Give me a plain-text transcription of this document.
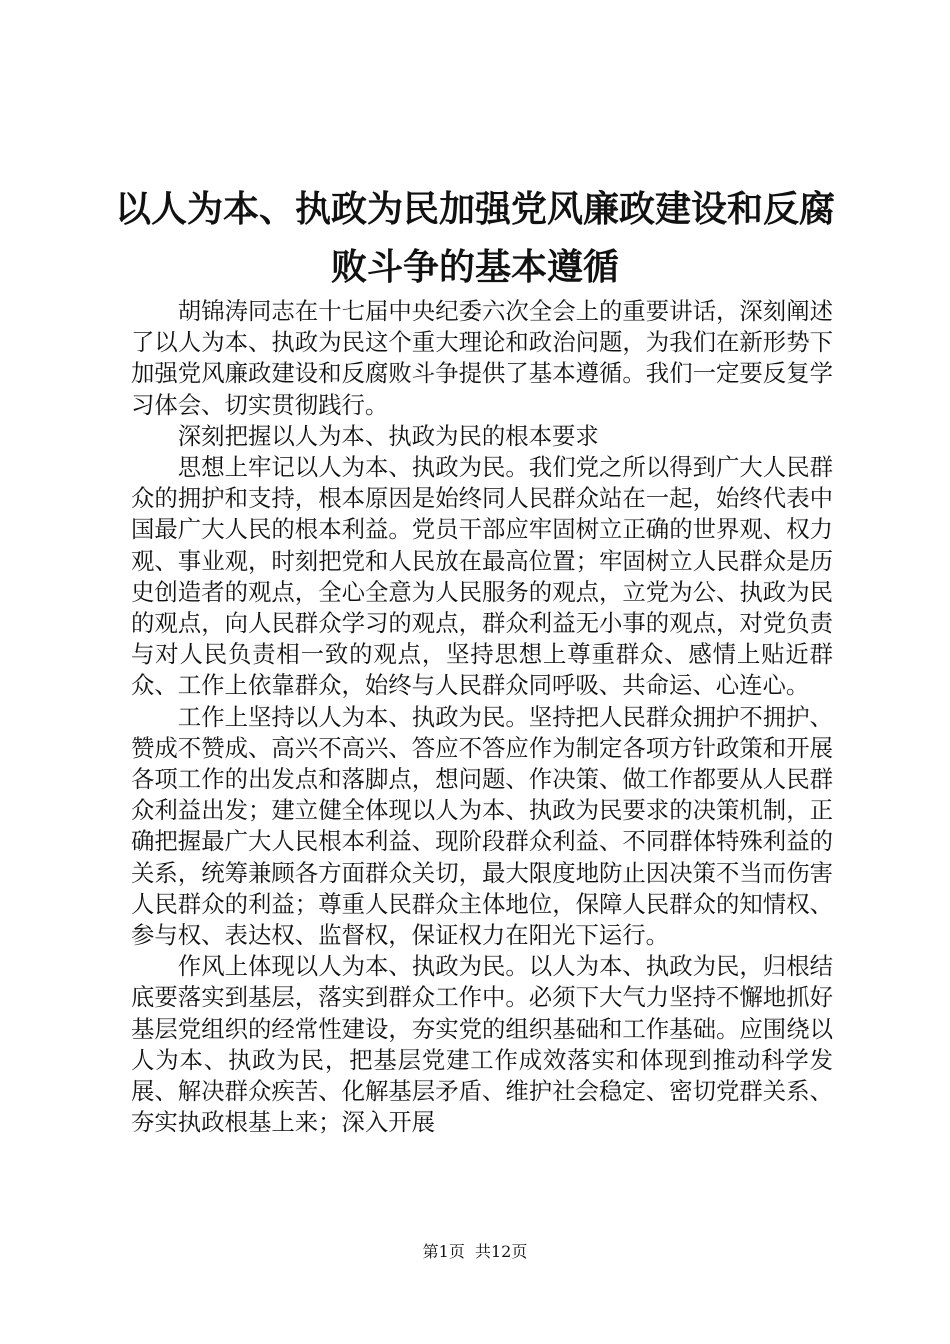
以人为本、执政为民加强党风廉政建设和反腐
败斗争的基本遵循

胡锦涛同志在十七届中央纪委六次全会上的重要讲话，深刻阐述了以人为本、执政为民这个重大理论和政治问题，为我们在新形势下加强党风廉政建设和反腐败斗争提供了基本遵循。我们一定要反复学习体会、切实贯彻践行。

深刻把握以人为本、执政为民的根本要求

思想上牢记以人为本、执政为民。我们党之所以得到广大人民群众的拥护和支持，根本原因是始终同人民群众站在一起，始终代表中国最广大人民的根本利益。党员干部应牢固树立正确的世界观、权力观、事业观，时刻把党和人民放在最高位置；牢固树立人民群众是历史创造者的观点，全心全意为人民服务的观点，立党为公、执政为民的观点，向人民群众学习的观点，群众利益无小事的观点，对党负责与对人民负责相一致的观点，坚持思想上尊重群众、感情上贴近群众、工作上依靠群众，始终与人民群众同呼吸、共命运、心连心。

工作上坚持以人为本、执政为民。坚持把人民群众拥护不拥护、赞成不赞成、高兴不高兴、答应不答应作为制定各项方针政策和开展各项工作的出发点和落脚点，想问题、作决策、做工作都要从人民群众利益出发；建立健全体现以人为本、执政为民要求的决策机制，正确把握最广大人民根本利益、现阶段群众利益、不同群体特殊利益的关系，统筹兼顾各方面群众关切，最大限度地防止因决策不当而伤害人民群众的利益；尊重人民群众主体地位，保障人民群众的知情权、参与权、表达权、监督权，保证权力在阳光下运行。

作风上体现以人为本、执政为民。以人为本、执政为民，归根结底要落实到基层，落实到群众工作中。必须下大气力坚持不懈地抓好基层党组织的经常性建设，夯实党的组织基础和工作基础。应围绕以人为本、执政为民，把基层党建工作成效落实和体现到推动科学发展、解决群众疾苦、化解基层矛盾、维护社会稳定、密切党群关系、夯实执政根基上来；深入开展

第1页  共12页
